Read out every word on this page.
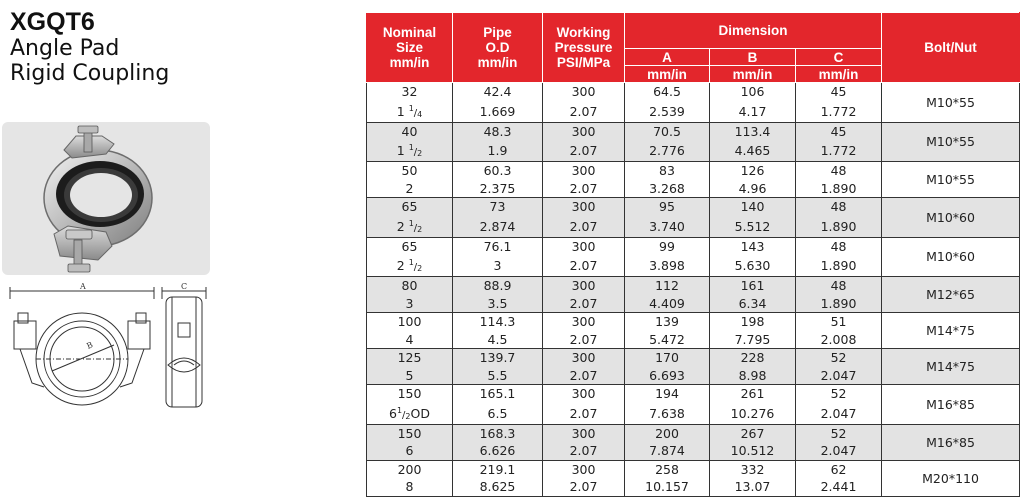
XGQT6
Angle Pad
Rigid Coupling
A
B
C
Nominal
Size
mm/in	Pipe
O.D
mm/in	Working
Pressure
PSI/MPa	Dimension			Bolt/Nut
			A	B	C	
			mm/in	mm/in	mm/in	
32	42.4	300	64.5	106	45	M10*55
1 $^1/_4$	1.669	2.07	2.539	4.17	1.772	
40	48.3	300	70.5	113.4	45	M10*55
1 $^1/_2$	1.9	2.07	2.776	4.465	1.772	
50	60.3	300	83	126	48	M10*55
2	2.375	2.07	3.268	4.96	1.890	
65	73	300	95	140	48	M10*60
2 $^1/_2$	2.874	2.07	3.740	5.512	1.890	
65	76.1	300	99	143	48	M10*60
2 $^1/_2$	3	2.07	3.898	5.630	1.890	
80	88.9	300	112	161	48	M12*65
3	3.5	2.07	4.409	6.34	1.890	
100	114.3	300	139	198	51	M14*75
4	4.5	2.07	5.472	7.795	2.008	
125	139.7	300	170	228	52	M14*75
5	5.5	2.07	6.693	8.98	2.047	
150	165.1	300	194	261	52	M16*85
$6^1/_2OD$	6.5	2.07	7.638	10.276	2.047	
150	168.3	300	200	267	52	M16*85
6	6.626	2.07	7.874	10.512	2.047	
200	219.1	300	258	332	62	M20*110
8	8.625	2.07	10.157	13.07	2.441	
